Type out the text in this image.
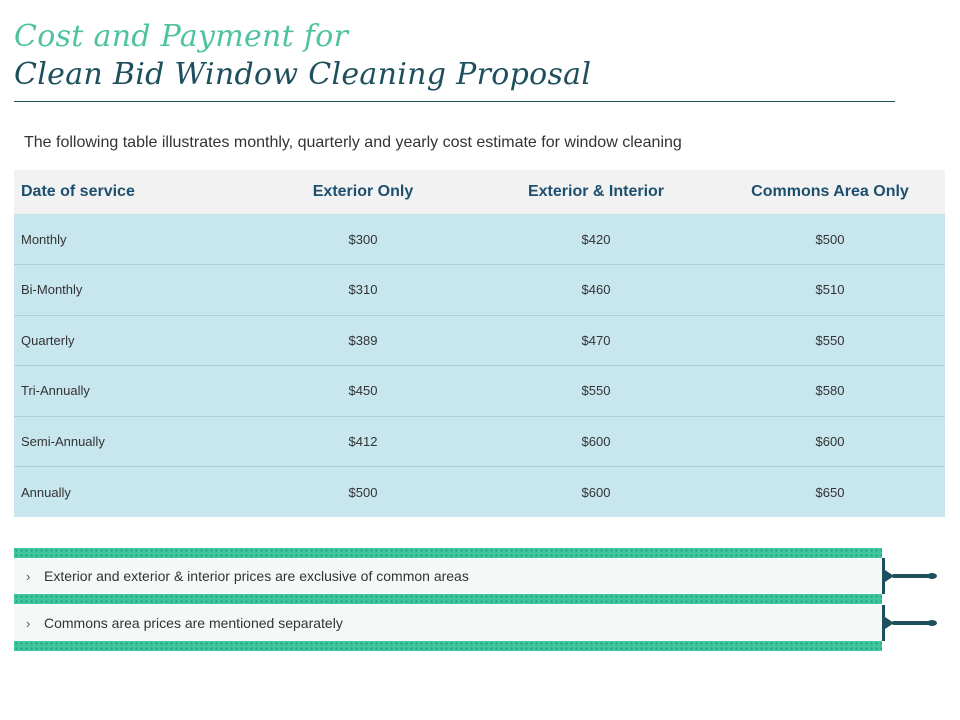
Cost and Payment for
Clean Bid Window Cleaning Proposal
The following table illustrates monthly, quarterly and yearly cost estimate for window cleaning
Date of service	Exterior Only	Exterior & Interior	Commons Area Only
Monthly	$300	$420	$500
Bi-Monthly	$310	$460	$510
Quarterly	$389	$470	$550
Tri-Annually	$450	$550	$580
Semi-Annually	$412	$600	$600
Annually	$500	$600	$650
› Exterior and exterior & interior prices are exclusive of common areas
› Commons area prices are mentioned separately
